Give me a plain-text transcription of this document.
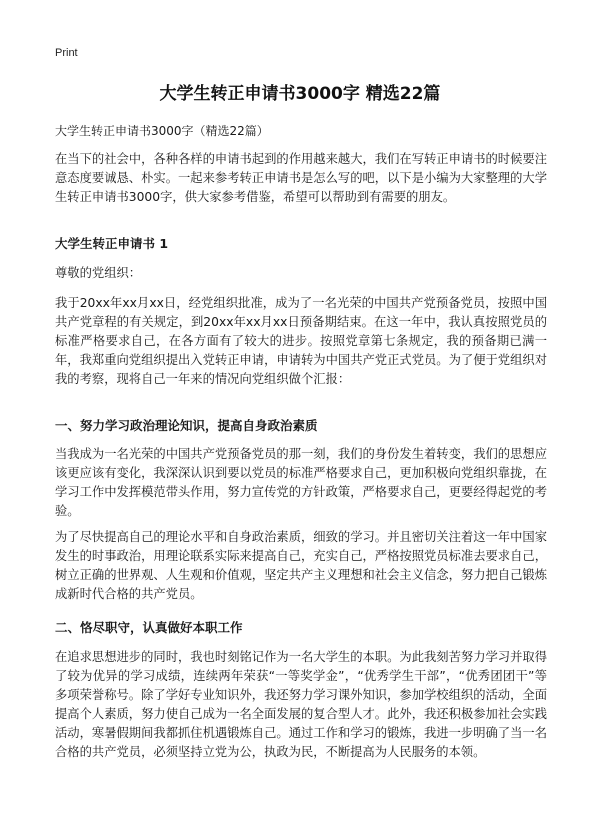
Print
大学生转正申请书3000字 精选22篇
大学生转正申请书3000字（精选22篇）
在当下的社会中，各种各样的申请书起到的作用越来越大，我们在写转正申请书的时候要注意态度要诚恳、朴实。一起来参考转正申请书是怎么写的吧，以下是小编为大家整理的大学生转正申请书3000字，供大家参考借鉴，希望可以帮助到有需要的朋友。
大学生转正申请书 1
尊敬的党组织：
我于20xx年xx月xx日，经党组织批准，成为了一名光荣的中国共产党预备党员，按照中国共产党章程的有关规定，到20xx年xx月xx日预备期结束。在这一年中，我认真按照党员的标准严格要求自己，在各方面有了较大的进步。按照党章第七条规定，我的预备期已满一年，我郑重向党组织提出入党转正申请，申请转为中国共产党正式党员。为了便于党组织对我的考察，现将自己一年来的情况向党组织做个汇报：
一、努力学习政治理论知识，提高自身政治素质
当我成为一名光荣的中国共产党预备党员的那一刻，我们的身份发生着转变，我们的思想应该更应该有变化，我深深认识到要以党员的标准严格要求自己，更加积极向党组织靠拢，在学习工作中发挥模范带头作用，努力宣传党的方针政策，严格要求自己，更要经得起党的考验。
为了尽快提高自己的理论水平和自身政治素质，细致的学习。并且密切关注着这一年中国家发生的时事政治，用理论联系实际来提高自己，充实自己，严格按照党员标准去要求自己，树立正确的世界观、人生观和价值观，坚定共产主义理想和社会主义信念，努力把自己锻炼成新时代合格的共产党员。
二、恪尽职守，认真做好本职工作
在追求思想进步的同时，我也时刻铭记作为一名大学生的本职。为此我刻苦努力学习并取得了较为优异的学习成绩，连续两年荣获“一等奖学金”，“优秀学生干部”，“优秀团团干”等多项荣誉称号。除了学好专业知识外，我还努力学习课外知识，参加学校组织的活动，全面提高个人素质，努力使自己成为一名全面发展的复合型人才。此外，我还积极参加社会实践活动，寒暑假期间我都抓住机遇锻炼自己。通过工作和学习的锻炼，我进一步明确了当一名合格的共产党员，必须坚持立党为公，执政为民，不断提高为人民服务的本领。
